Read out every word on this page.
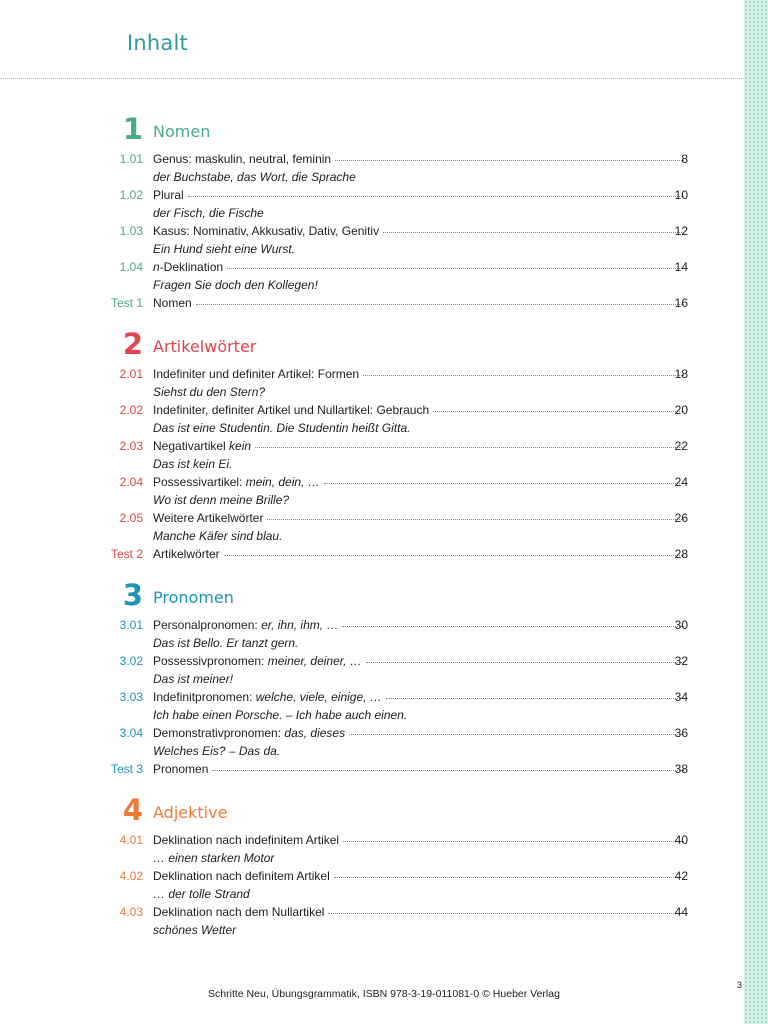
Inhalt
1 Nomen
1.01 Genus: maskulin, neutral, feminin	8
der Buchstabe, das Wort, die Sprache
1.02 Plural	10
der Fisch, die Fische
1.03 Kasus: Nominativ, Akkusativ, Dativ, Genitiv	12
Ein Hund sieht eine Wurst.
1.04 n-Deklination	14
Fragen Sie doch den Kollegen!
Test 1 Nomen	16
2 Artikelwörter
2.01 Indefiniter und definiter Artikel: Formen	18
Siehst du den Stern?
2.02 Indefiniter, definiter Artikel und Nullartikel: Gebrauch	20
Das ist eine Studentin. Die Studentin heißt Gitta.
2.03 Negativartikel kein	22
Das ist kein Ei.
2.04 Possessivartikel: mein, dein, …	24
Wo ist denn meine Brille?
2.05 Weitere Artikelwörter	26
Manche Käfer sind blau.
Test 2 Artikelwörter	28
3 Pronomen
3.01 Personalpronomen: er, ihn, ihm, …	30
Das ist Bello. Er tanzt gern.
3.02 Possessivpronomen: meiner, deiner, …	32
Das ist meiner!
3.03 Indefinitpronomen: welche, viele, einige, …	34
Ich habe einen Porsche. – Ich habe auch einen.
3.04 Demonstrativpronomen: das, dieses	36
Welches Eis? – Das da.
Test 3 Pronomen	38
4 Adjektive
4.01 Deklination nach indefinitem Artikel	40
… einen starken Motor
4.02 Deklination nach definitem Artikel	42
… der tolle Strand
4.03 Deklination nach dem Nullartikel	44
schönes Wetter
Schritte Neu, Übungsgrammatik, ISBN 978-3-19-011081-0 © Hueber Verlag
3
